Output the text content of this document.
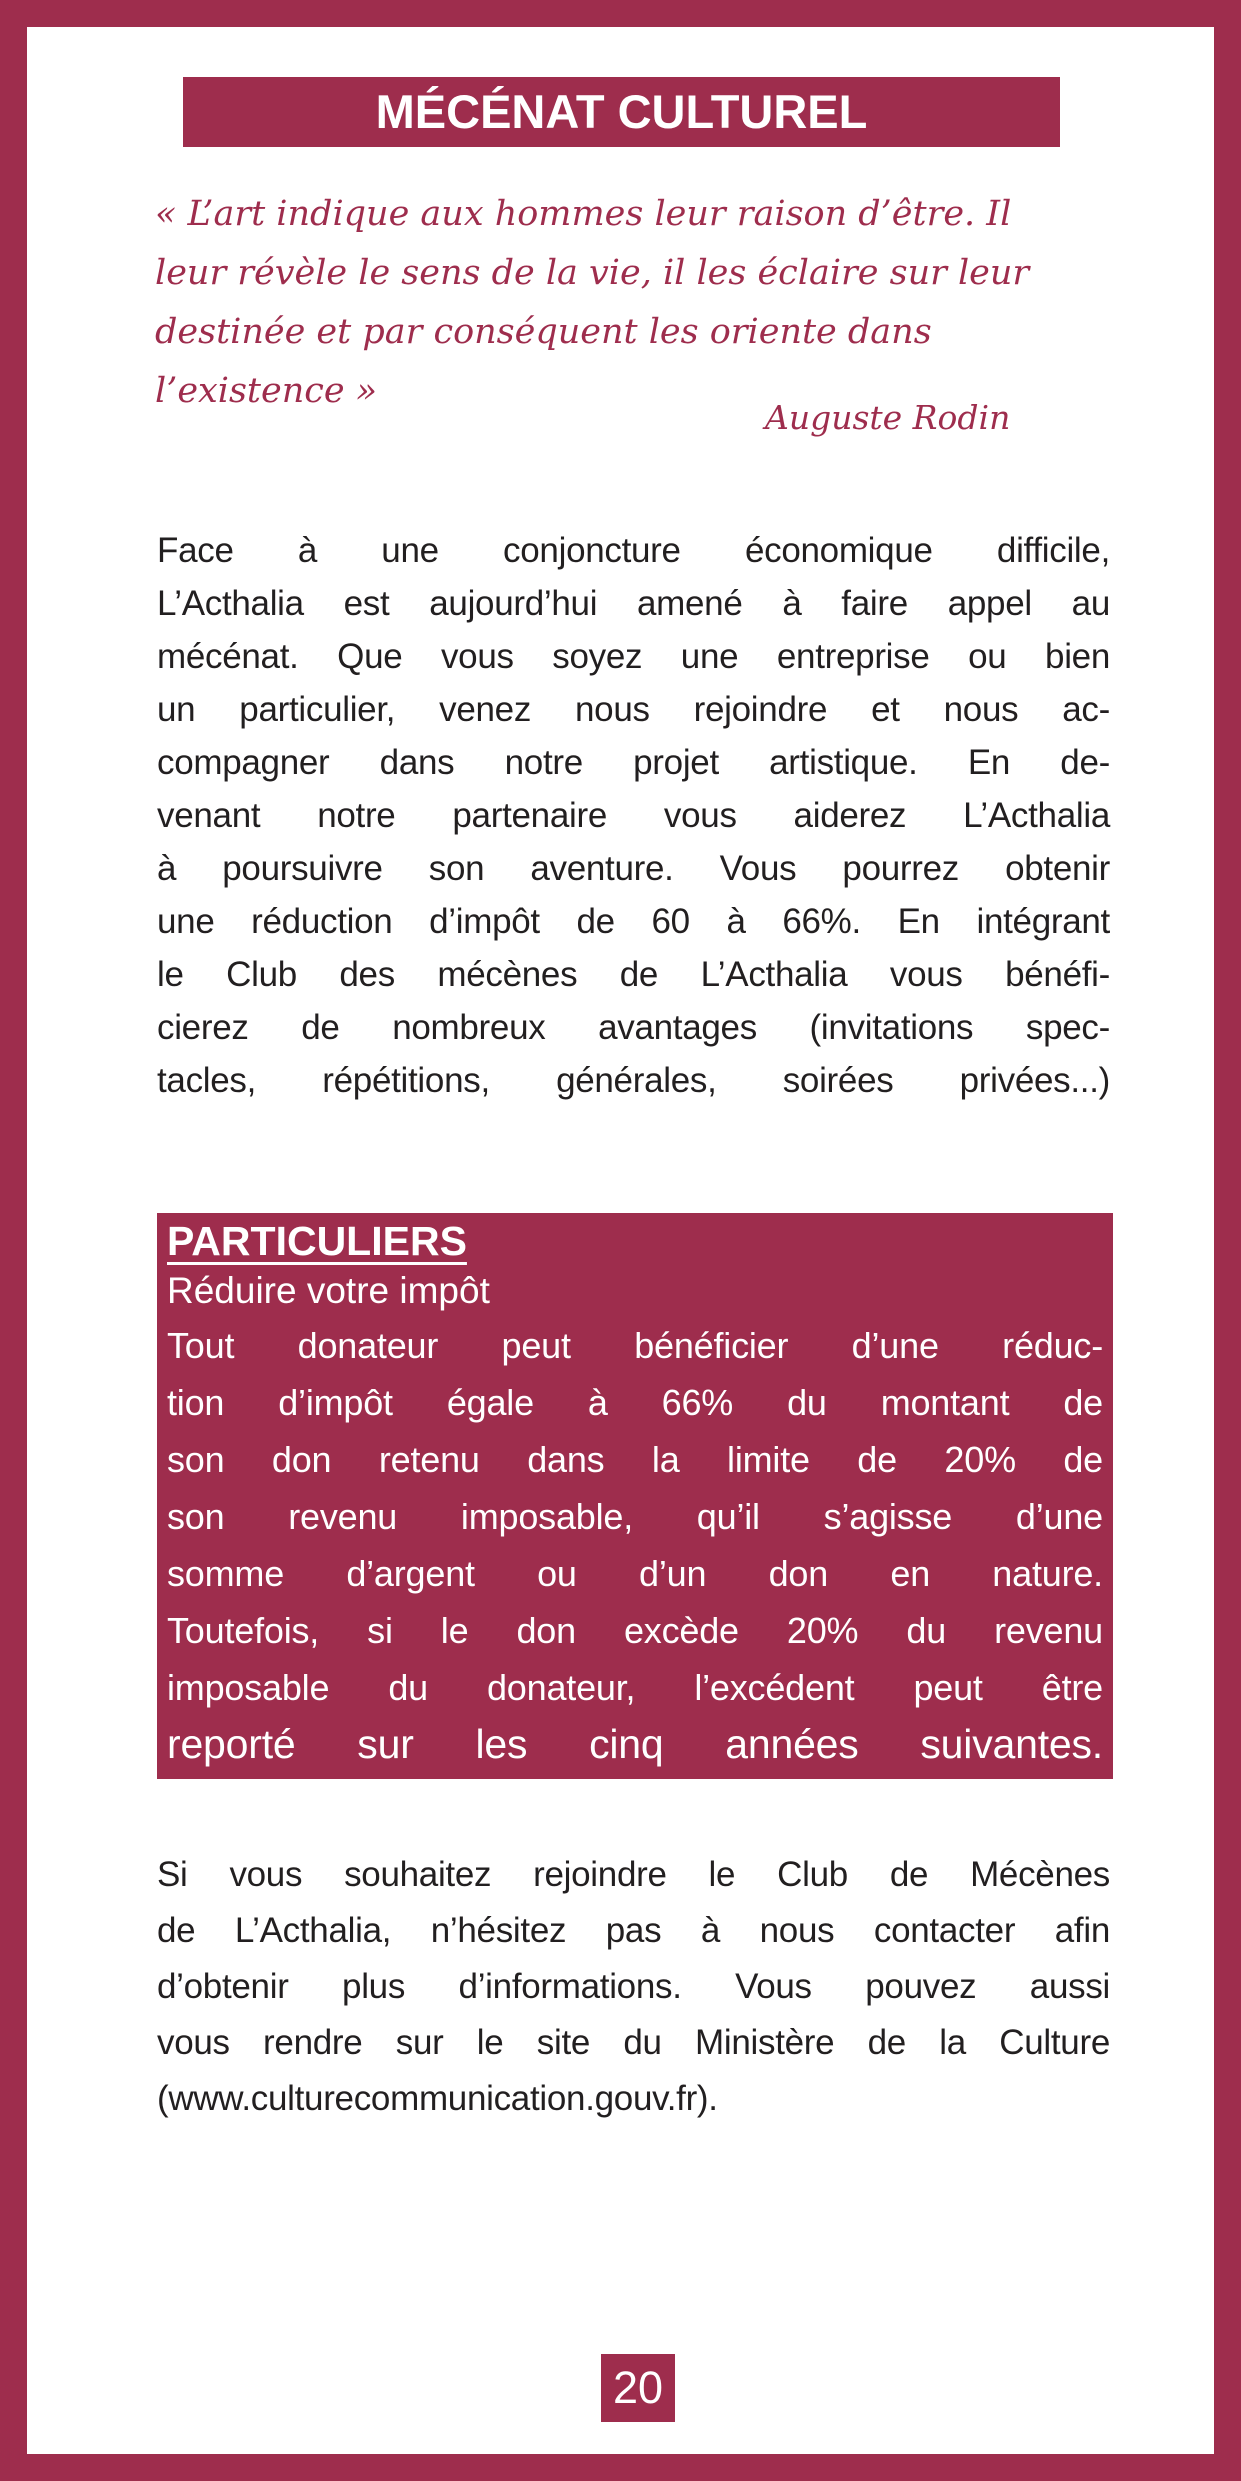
MÉCÉNAT CULTUREL
« L’art indique aux hommes leur raison d’être. Il
leur révèle le sens de la vie, il les éclaire sur leur
destinée et par conséquent les oriente dans
l’existence »
Auguste Rodin
Face à une conjoncture économique difficile,
L’Acthalia est aujourd’hui amené à faire appel au
mécénat. Que vous soyez une entreprise ou bien
un particulier, venez nous rejoindre et nous ac-
compagner dans notre projet artistique. En de-
venant notre partenaire vous aiderez L’Acthalia
à poursuivre son aventure. Vous pourrez obtenir
une réduction d’impôt de 60 à 66%. En intégrant
le Club des mécènes de L’Acthalia vous bénéfi-
cierez de nombreux avantages (invitations spec-
tacles, répétitions, générales, soirées privées...)
PARTICULIERS
Réduire votre impôt
Tout donateur peut bénéficier d’une réduc-
tion d’impôt égale à 66% du montant de
son don retenu dans la limite de 20% de
son revenu imposable, qu’il s’agisse d’une
somme d’argent ou d’un don en nature.
Toutefois, si le don excède 20% du revenu
imposable du donateur, l’excédent peut être
reporté sur les cinq années suivantes.
Si vous souhaitez rejoindre le Club de Mécènes
de L’Acthalia, n’hésitez pas à nous contacter afin
d’obtenir plus d’informations. Vous pouvez aussi
vous rendre sur le site du Ministère de la Culture
(www.culturecommunication.gouv.fr).
20
